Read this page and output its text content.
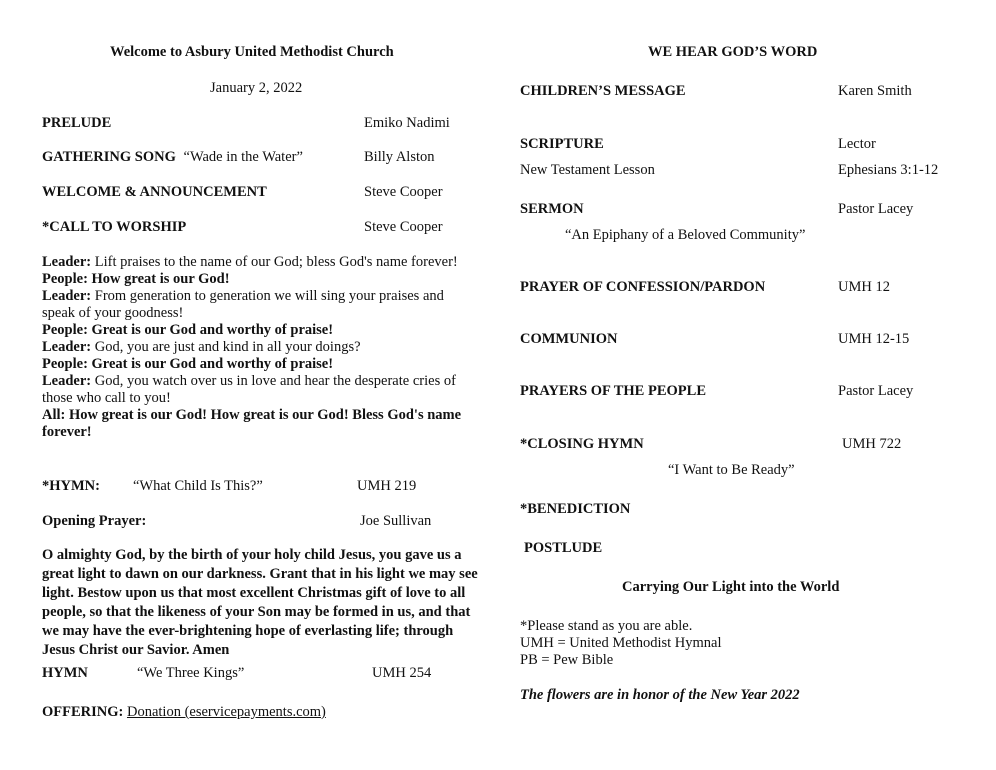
Welcome to Asbury United Methodist Church
January 2, 2022
PRELUDE	Emiko Nadimi
GATHERING SONG “Wade in the Water”	Billy Alston
WELCOME & ANNOUNCEMENT	Steve Cooper
*CALL TO WORSHIP	Steve Cooper
Leader: Lift praises to the name of our God; bless God's name forever!
People: How great is our God!
Leader: From generation to generation we will sing your praises and speak of your goodness!
People: Great is our God and worthy of praise!
Leader: God, you are just and kind in all your doings?
People: Great is our God and worthy of praise!
Leader: God, you watch over us in love and hear the desperate cries of those who call to you!
All: How great is our God! How great is our God! Bless God's name forever!
*HYMN: “What Child Is This?”	UMH 219
Opening Prayer:	Joe Sullivan
O almighty God, by the birth of your holy child Jesus, you gave us a great light to dawn on our darkness. Grant that in his light we may see light. Bestow upon us that most excellent Christmas gift of love to all people, so that the likeness of your Son may be formed in us, and that we may have the ever-brightening hope of everlasting life; through Jesus Christ our Savior. Amen
HYMN	“We Three Kings”	UMH 254
OFFERING: Donation (eservicepayments.com)
WE HEAR GOD’S WORD
CHILDREN’S MESSAGE	Karen Smith
SCRIPTURE	Lector
New Testament Lesson	Ephesians 3:1-12
SERMON	Pastor Lacey
“An Epiphany of a Beloved Community”
PRAYER OF CONFESSION/PARDON	UMH 12
COMMUNION	UMH 12-15
PRAYERS OF THE PEOPLE	Pastor Lacey
*CLOSING HYMN	UMH 722
“I Want to Be Ready”
*BENEDICTION
POSTLUDE
Carrying Our Light into the World
*Please stand as you are able.
UMH = United Methodist Hymnal
PB = Pew Bible
The flowers are in honor of the New Year 2022
